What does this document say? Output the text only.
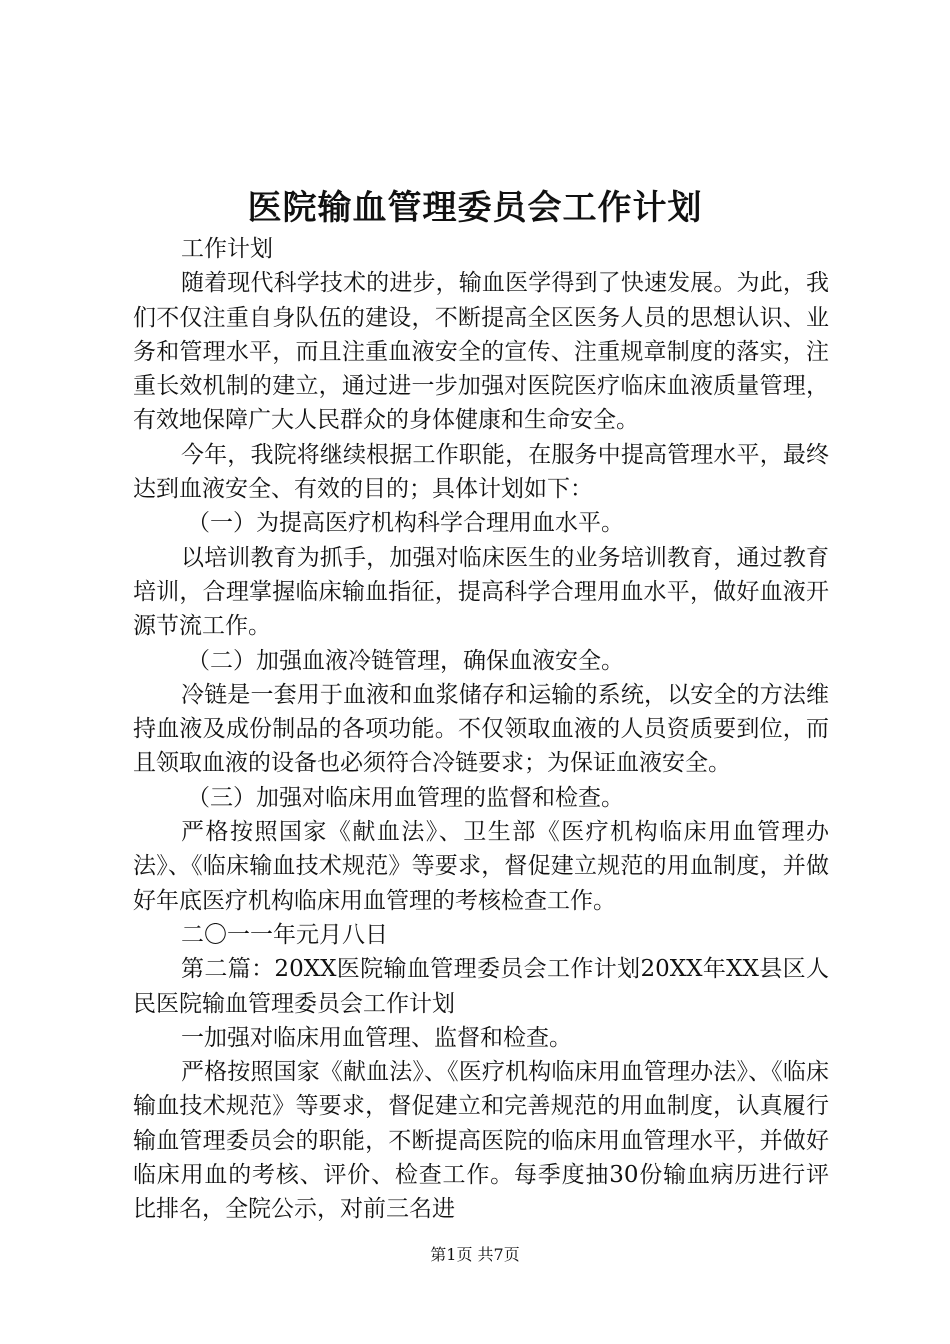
医院输血管理委员会工作计划

工作计划

随着现代科学技术的进步，输血医学得到了快速发展。为此，我们不仅注重自身队伍的建设，不断提高全区医务人员的思想认识、业务和管理水平，而且注重血液安全的宣传、注重规章制度的落实，注重长效机制的建立，通过进一步加强对医院医疗临床血液质量管理，有效地保障广大人民群众的身体健康和生命安全。

今年，我院将继续根据工作职能，在服务中提高管理水平，最终达到血液安全、有效的目的；具体计划如下：

（一）为提高医疗机构科学合理用血水平。

以培训教育为抓手，加强对临床医生的业务培训教育，通过教育培训，合理掌握临床输血指征，提高科学合理用血水平，做好血液开源节流工作。

（二）加强血液冷链管理，确保血液安全。

冷链是一套用于血液和血浆储存和运输的系统，以安全的方法维持血液及成份制品的各项功能。不仅领取血液的人员资质要到位，而且领取血液的设备也必须符合冷链要求；为保证血液安全。

（三）加强对临床用血管理的监督和检查。

严格按照国家《献血法》、卫生部《医疗机构临床用血管理办法》、《临床输血技术规范》等要求，督促建立规范的用血制度，并做好年底医疗机构临床用血管理的考核检查工作。

二〇一一年元月八日

第二篇：20XX医院输血管理委员会工作计划20XX年XX县区人民医院输血管理委员会工作计划

一加强对临床用血管理、监督和检查。

严格按照国家《献血法》、《医疗机构临床用血管理办法》、《临床输血技术规范》等要求，督促建立和完善规范的用血制度，认真履行输血管理委员会的职能，不断提高医院的临床用血管理水平，并做好临床用血的考核、评价、检查工作。每季度抽30份输血病历进行评比排名，全院公示，对前三名进

第1页 共7页
